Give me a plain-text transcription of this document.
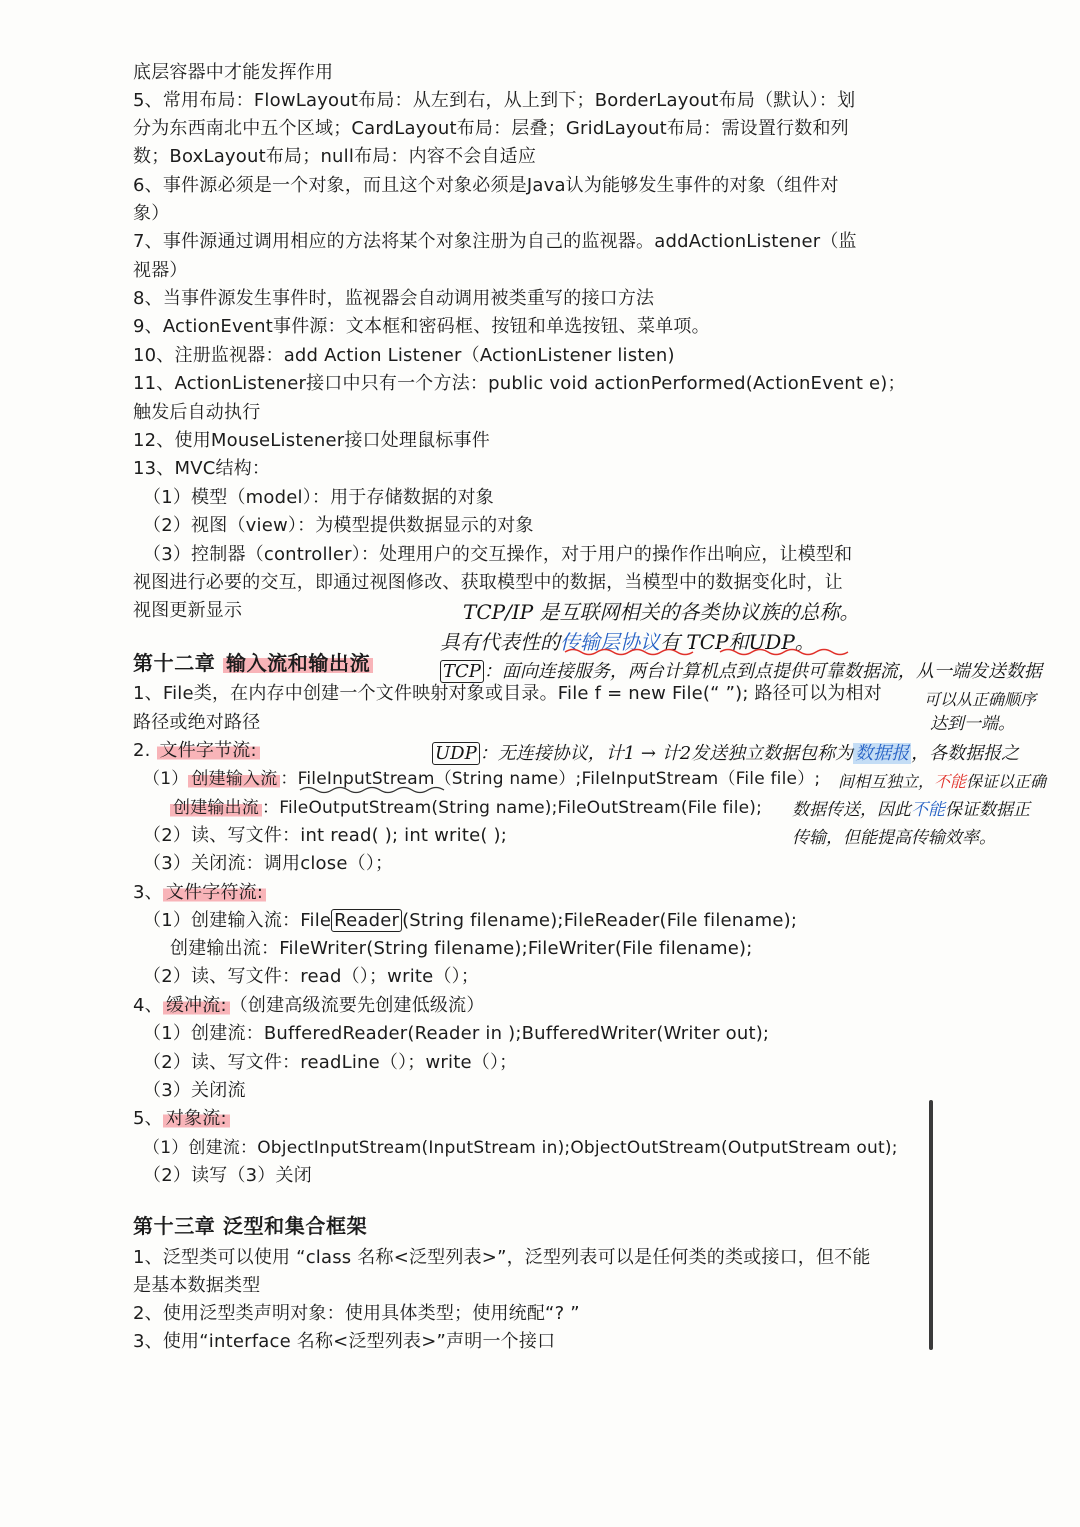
底层容器中才能发挥作用
5、常用布局：FlowLayout布局：从左到右，从上到下；BorderLayout布局（默认）：划
分为东西南北中五个区域；CardLayout布局：层叠；GridLayout布局：需设置行数和列
数；BoxLayout布局；null布局：内容不会自适应
6、事件源必须是一个对象，而且这个对象必须是Java认为能够发生事件的对象（组件对
象）
7、事件源通过调用相应的方法将某个对象注册为自己的监视器。addActionListener（监
视器）
8、当事件源发生事件时，监视器会自动调用被类重写的接口方法
9、ActionEvent事件源：文本框和密码框、按钮和单选按钮、菜单项。
10、注册监视器：add Action Listener（ActionListener listen)
11、ActionListener接口中只有一个方法：public void actionPerformed(ActionEvent e)；
触发后自动执行
12、使用MouseListener接口处理鼠标事件
13、MVC结构：
（1）模型（model）：用于存储数据的对象
（2）视图（view）：为模型提供数据显示的对象
（3）控制器（controller）：处理用户的交互操作，对于用户的操作作出响应，让模型和
视图进行必要的交互，即通过视图修改、获取模型中的数据，当模型中的数据变化时，让
视图更新显示
第十二章 输入流和输出流
1、File类，在内存中创建一个文件映射对象或目录。File f = new File(“ ”); 路径可以为相对
路径或绝对路径
2. 文件字节流:
（1） 创建输入流 ：FileInputStream（String name）;FileInputStream（File file）;
创建输出流 ：FileOutputStream(String name);FileOutStream(File file);
（2）读、写文件：int read( ); int write( );
（3）关闭流：调用close（）；
3、 文件字符流:
（1）创建输入流：File Reader (String filename);FileReader(File filename);
创建输出流：FileWriter(String filename);FileWriter(File filename);
（2）读、写文件：read（）；write（）；
4、 缓冲流: （创建高级流要先创建低级流）
（1）创建流：BufferedReader(Reader in );BufferedWriter(Writer out);
（2）读、写文件：readLine（）；write（）；
（3）关闭流
5、 对象流:
（1）创建流：ObjectInputStream(InputStream in);ObjectOutStream(OutputStream out);
（2）读写（3）关闭
第十三章 泛型和集合框架
1、泛型类可以使用 “class 名称<泛型列表>”，泛型列表可以是任何类的类或接口，但不能
是基本数据类型
2、使用泛型类声明对象：使用具体类型；使用统配“? ”
3、使用“interface 名称<泛型列表>”声明一个接口
TCP/IP 是互联网相关的各类协议族的总称。
具有代表性的传输层协议有 TCP和UDP。
TCP ：面向连接服务，两台计算机点到点提供可靠数据流，从一端发送数据
可以从正确顺序
达到一端。
UDP ：无连接协议，计1 → 计2发送独立数据包称为 数据报 ，各数据报之
间相互独立，不能保证以正确
数据传送，因此不能保证数据正
传输，但能提高传输效率。
